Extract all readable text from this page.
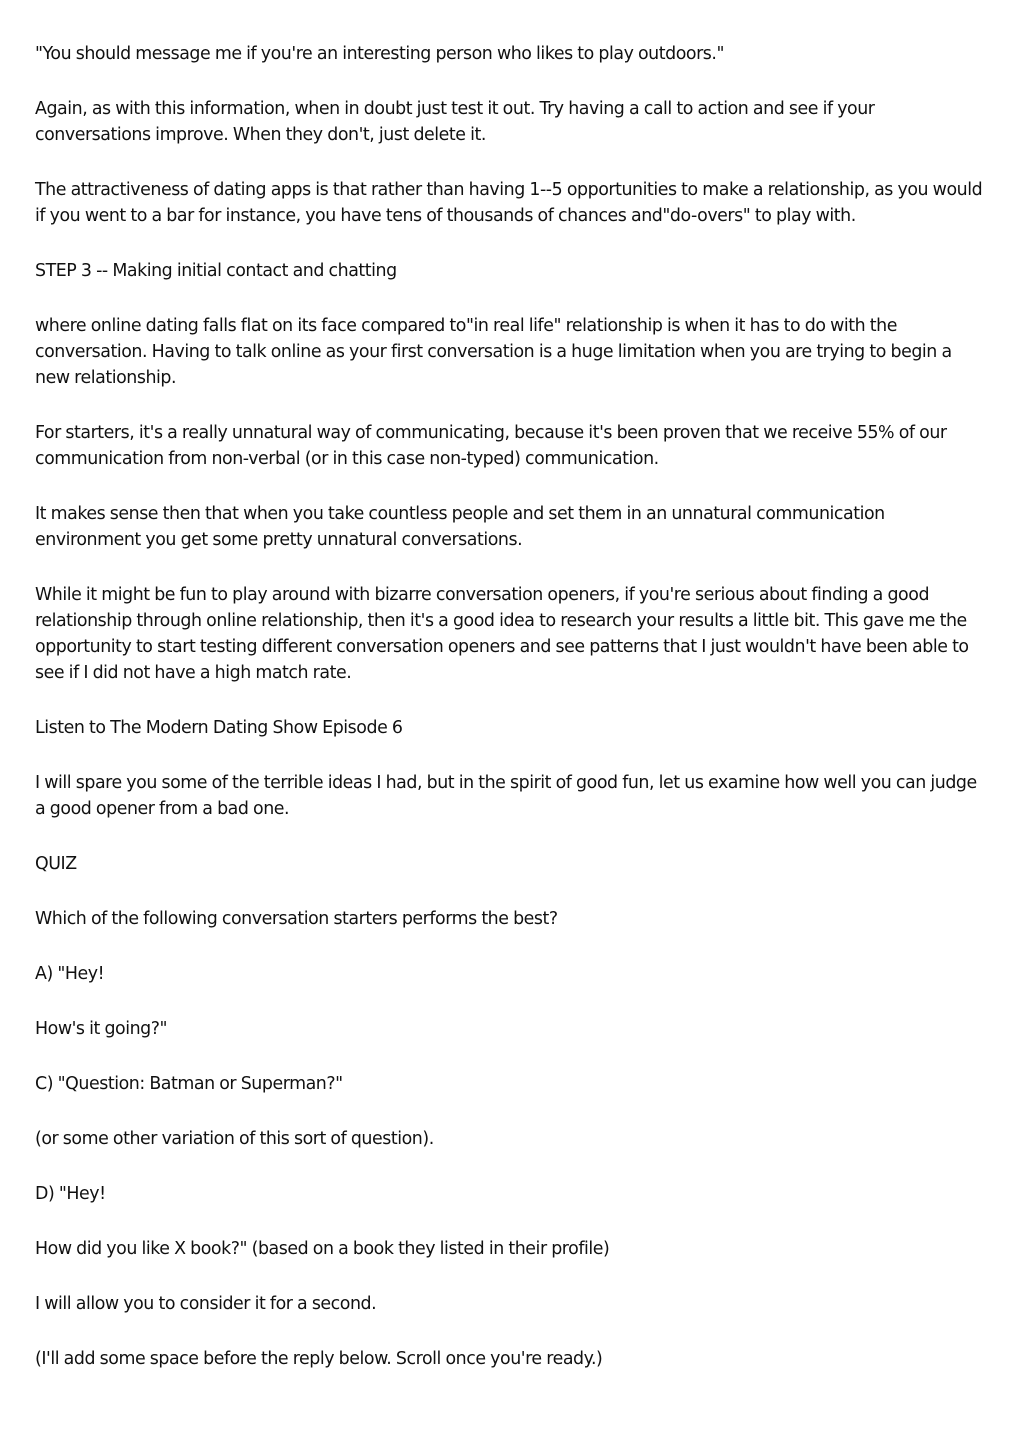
"You should message me if you're an interesting person who likes to play outdoors."

Again, as with this information, when in doubt just test it out. Try having a call to action and see if your conversations improve. When they don't, just delete it.

The attractiveness of dating apps is that rather than having 1--5 opportunities to make a relationship, as you would if you went to a bar for instance, you have tens of thousands of chances and"do-overs" to play with.

STEP 3 -- Making initial contact and chatting

where online dating falls flat on its face compared to"in real life" relationship is when it has to do with the conversation. Having to talk online as your first conversation is a huge limitation when you are trying to begin a new relationship.

For starters, it's a really unnatural way of communicating, because it's been proven that we receive 55% of our communication from non-verbal (or in this case non-typed) communication.

It makes sense then that when you take countless people and set them in an unnatural communication environment you get some pretty unnatural conversations.

While it might be fun to play around with bizarre conversation openers, if you're serious about finding a good relationship through online relationship, then it's a good idea to research your results a little bit. This gave me the opportunity to start testing different conversation openers and see patterns that I just wouldn't have been able to see if I did not have a high match rate.

Listen to The Modern Dating Show Episode 6

I will spare you some of the terrible ideas I had, but in the spirit of good fun, let us examine how well you can judge a good opener from a bad one.

QUIZ

Which of the following conversation starters performs the best?

A) "Hey!

How's it going?"

C) "Question: Batman or Superman?"

(or some other variation of this sort of question).

D) "Hey!

How did you like X book?" (based on a book they listed in their profile)

I will allow you to consider it for a second.

(I'll add some space before the reply below. Scroll once you're ready.)
